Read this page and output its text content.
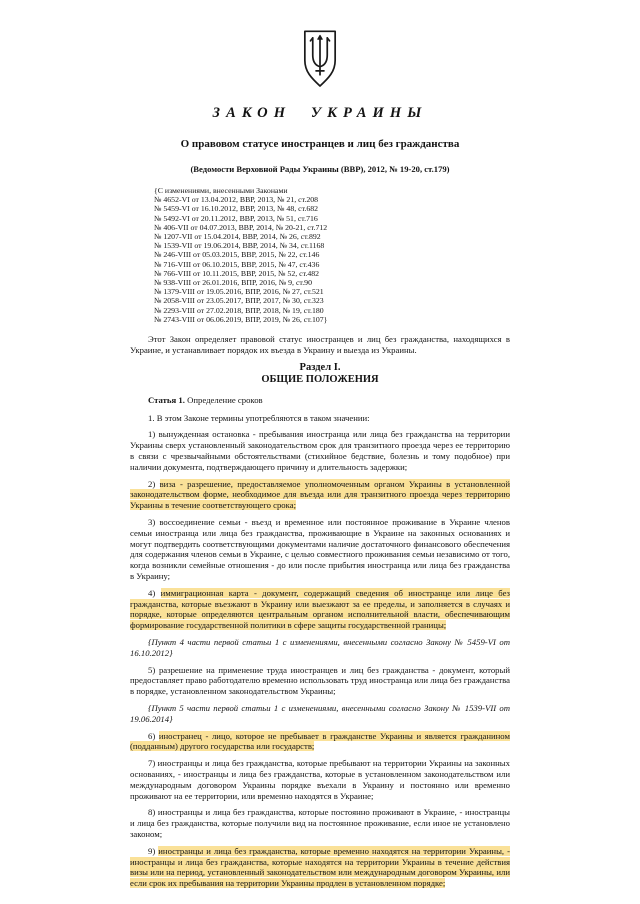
ЗАКОН УКРАИНЫ
О правовом статусе иностранцев и лиц без гражданства
(Ведомости Верховной Рады Украины (ВВР), 2012, № 19-20, ст.179)
{С изменениями, внесенными Законами
№ 4652-VI от 13.04.2012, ВВР, 2013, № 21, ст.208
№ 5459-VI от 16.10.2012, ВВР, 2013, № 48, ст.682
№ 5492-VI от 20.11.2012, ВВР, 2013, № 51, ст.716
№ 406-VII от 04.07.2013, ВВР, 2014, № 20-21, ст.712
№ 1207-VII от 15.04.2014, ВВР, 2014, № 26, ст.892
№ 1539-VII от 19.06.2014, ВВР, 2014, № 34, ст.1168
№ 246-VIII от 05.03.2015, ВВР, 2015, № 22, ст.146
№ 716-VIII от 06.10.2015, ВВР, 2015, № 47, ст.436
№ 766-VIII от 10.11.2015, ВВР, 2015, № 52, ст.482
№ 938-VIII от 26.01.2016, ВПР, 2016, № 9, ст.90
№ 1379-VIII от 19.05.2016, ВПР, 2016, № 27, ст.521
№ 2058-VIII от 23.05.2017, ВПР, 2017, № 30, ст.323
№ 2293-VIII от 27.02.2018, ВПР, 2018, № 19, ст.180
№ 2743-VIII от 06.06.2019, ВПР, 2019, № 26, ст.107}

Этот Закон определяет правовой статус иностранцев и лиц без гражданства, находящихся в Украине, и устанавливает порядок их въезда в Украину и выезда из Украины.

Раздел I.
ОБЩИЕ ПОЛОЖЕНИЯ
Статья 1. Определение сроков

1. В этом Законе термины употребляются в таком значении:

1) вынужденная остановка - пребывания иностранца или лица без гражданства на территории Украины сверх установленный законодательством срок для транзитного проезда через ее территорию в связи с чрезвычайными обстоятельствами (стихийное бедствие, болезнь и тому подобное) при наличии документа, подтверждающего причину и длительность задержки;

2) виза - разрешение, предоставляемое уполномоченным органом Украины в установленной законодательством форме, необходимое для въезда или для транзитного проезда через территорию Украины в течение соответствующего срока;

3) воссоединение семьи - въезд и временное или постоянное проживание в Украине членов семьи иностранца или лица без гражданства, проживающие в Украине на законных основаниях и могут подтвердить соответствующими документами наличие достаточного финансового обеспечения для содержания членов семьи в Украине, с целью совместного проживания семьи независимо от того, когда возникли семейные отношения - до или после прибытия иностранца или лица без гражданства в Украину;

4) иммиграционная карта - документ, содержащий сведения об иностранце или лице без гражданства, которые въезжают в Украину или выезжают за ее пределы, и заполняется в случаях и порядке, которые определяются центральным органом исполнительной власти, обеспечивающим формирование государственной политики в сфере защиты государственной границы;

{Пункт 4 части первой статьи 1 с изменениями, внесенными согласно Закону № 5459-VI от 16.10.2012}

5) разрешение на применение труда иностранцев и лиц без гражданства - документ, который предоставляет право работодателю временно использовать труд иностранца или лица без гражданства в порядке, установленном законодательством Украины;

{Пункт 5 части первой статьи 1 с изменениями, внесенными согласно Закону № 1539-VII от 19.06.2014}

6) иностранец - лицо, которое не пребывает в гражданстве Украины и является гражданином (подданным) другого государства или государств;

7) иностранцы и лица без гражданства, которые пребывают на территории Украины на законных основаниях, - иностранцы и лица без гражданства, которые в установленном законодательством или международным договором Украины порядке въехали в Украину и постоянно или временно проживают на ее территории, или временно находятся в Украине;

8) иностранцы и лица без гражданства, которые постоянно проживают в Украине, - иностранцы и лица без гражданства, которые получили вид на постоянное проживание, если иное не установлено законом;

9) иностранцы и лица без гражданства, которые временно находятся на территории Украины, - иностранцы и лица без гражданства, которые находятся на территории Украины в течение действия визы или на период, установленный законодательством или международным договором Украины, или если срок их пребывания на территории Украины продлен в установленном порядке;
